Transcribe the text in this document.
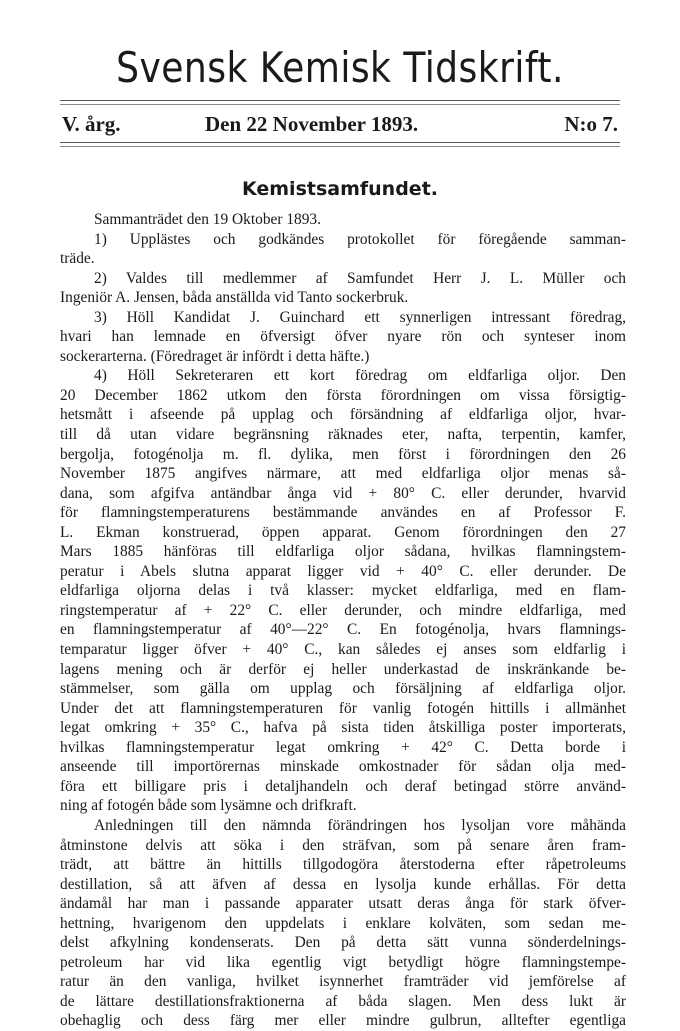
Svensk Kemisk Tidskrift.
V. årg.	Den 22 November 1893.	N:o 7.
Kemistsamfundet.
Sammanträdet den 19 Oktober 1893.
1) Upplästes och godkändes protokollet för föregående samman-
träde.
2) Valdes till medlemmer af Samfundet Herr J. L. Müller och
Ingeniör A. Jensen, båda anställda vid Tanto sockerbruk.
3) Höll Kandidat J. Guinchard ett synnerligen intressant föredrag,
hvari han lemnade en öfversigt öfver nyare rön och synteser inom
sockerarterna. (Föredraget är infördt i detta häfte.)
4) Höll Sekreteraren ett kort föredrag om eldfarliga oljor. Den
20 December 1862 utkom den första förordningen om vissa försigtig-
hetsmått i afseende på upplag och försändning af eldfarliga oljor, hvar-
till då utan vidare begränsning räknades eter, nafta, terpentin, kamfer,
bergolja, fotogénolja m. fl. dylika, men först i förordningen den 26
November 1875 angifves närmare, att med eldfarliga oljor menas så-
dana, som afgifva antändbar ånga vid + 80° C. eller derunder, hvarvid
för flamningstemperaturens bestämmande användes en af Professor F.
L. Ekman konstruerad, öppen apparat. Genom förordningen den 27
Mars 1885 hänföras till eldfarliga oljor sådana, hvilkas flamningstem-
peratur i Abels slutna apparat ligger vid + 40° C. eller derunder. De
eldfarliga oljorna delas i två klasser: mycket eldfarliga, med en flam-
ringstemperatur af + 22° C. eller derunder, och mindre eldfarliga, med
en flamningstemperatur af 40°—22° C. En fotogénolja, hvars flamnings-
temparatur ligger öfver + 40° C., kan således ej anses som eldfarlig i
lagens mening och är derför ej heller underkastad de inskränkande be-
stämmelser, som gälla om upplag och försäljning af eldfarliga oljor.
Under det att flamningstemperaturen för vanlig fotogén hittills i allmänhet
legat omkring + 35° C., hafva på sista tiden åtskilliga poster importerats,
hvilkas flamningstemperatur legat omkring + 42° C. Detta borde i
anseende till importörernas minskade omkostnader för sådan olja med-
föra ett billigare pris i detaljhandeln och deraf betingad större använd-
ning af fotogén både som lysämne och drifkraft.
Anledningen till den nämnda förändringen hos lysoljan vore måhända
åtminstone delvis att söka i den sträfvan, som på senare åren fram-
trädt, att bättre än hittills tillgodogöra återstoderna efter råpetroleums
destillation, så att äfven af dessa en lysolja kunde erhållas. För detta
ändamål har man i passande apparater utsatt deras ånga för stark öfver-
hettning, hvarigenom den uppdelats i enklare kolväten, som sedan me-
delst afkylning kondenserats. Den på detta sätt vunna sönderdelnings-
petroleum har vid lika egentlig vigt betydligt högre flamningstempe-
ratur än den vanliga, hvilket isynnerhet framträder vid jemförelse af
de lättare destillationsfraktionerna af båda slagen. Men dess lukt är
obehaglig och dess färg mer eller mindre gulbrun, alltefter egentliga
